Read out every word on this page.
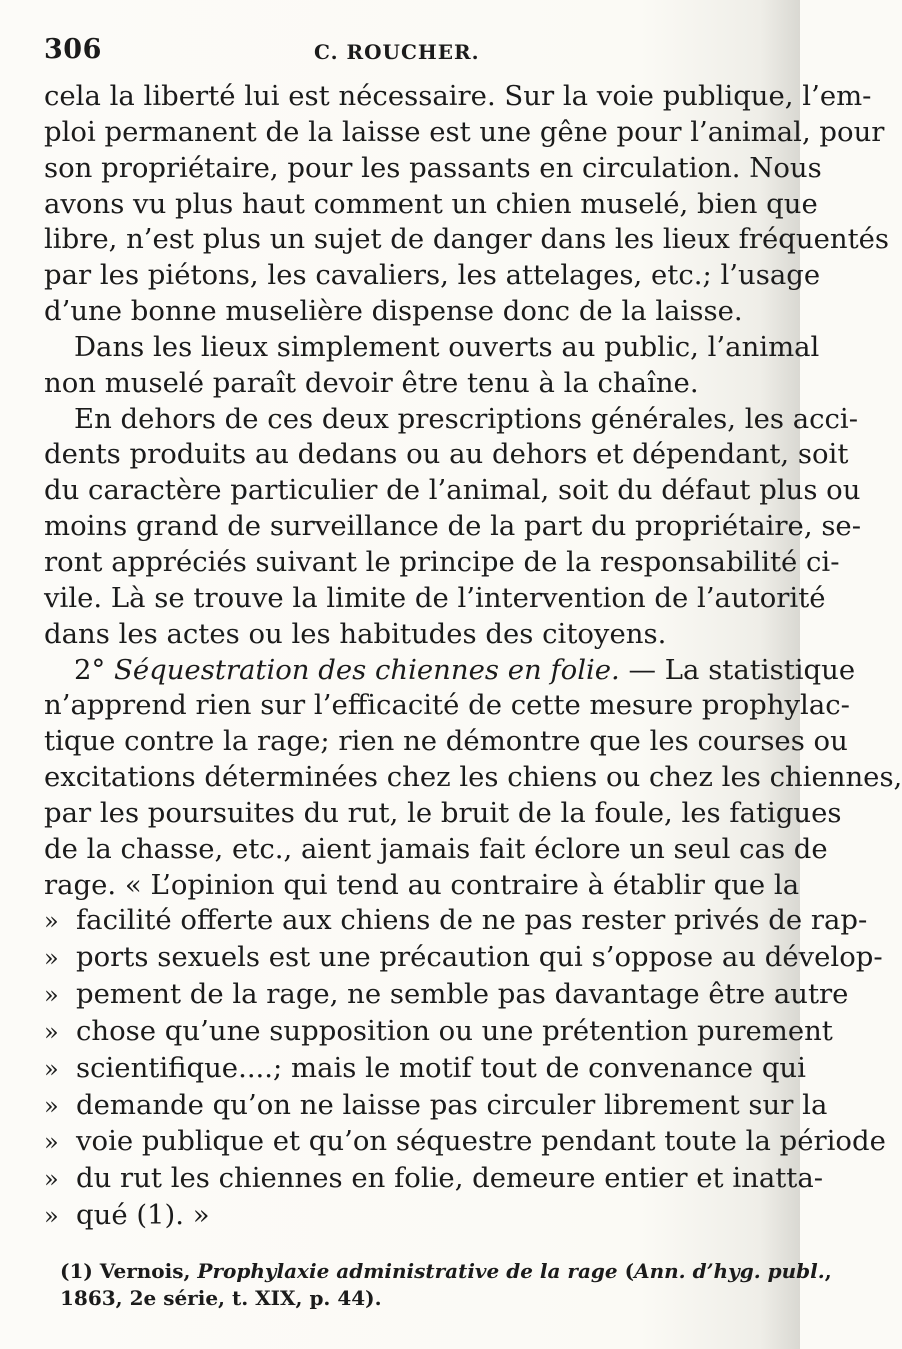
306	C. ROUCHER.
cela la liberté lui est nécessaire. Sur la voie publique, l’em-
ploi permanent de la laisse est une gêne pour l’animal, pour
son propriétaire, pour les passants en circulation. Nous
avons vu plus haut comment un chien muselé, bien que
libre, n’est plus un sujet de danger dans les lieux fréquentés
par les piétons, les cavaliers, les attelages, etc.; l’usage
d’une bonne muselière dispense donc de la laisse.
Dans les lieux simplement ouverts au public, l’animal
non muselé paraît devoir être tenu à la chaîne.
En dehors de ces deux prescriptions générales, les acci-
dents produits au dedans ou au dehors et dépendant, soit
du caractère particulier de l’animal, soit du défaut plus ou
moins grand de surveillance de la part du propriétaire, se-
ront appréciés suivant le principe de la responsabilité ci-
vile. Là se trouve la limite de l’intervention de l’autorité
dans les actes ou les habitudes des citoyens.
2° Séquestration des chiennes en folie. — La statistique
n’apprend rien sur l’efficacité de cette mesure prophylac-
tique contre la rage; rien ne démontre que les courses ou
excitations déterminées chez les chiens ou chez les chiennes,
par les poursuites du rut, le bruit de la foule, les fatigues
de la chasse, etc., aient jamais fait éclore un seul cas de
rage. « L’opinion qui tend au contraire à établir que la
» facilité offerte aux chiens de ne pas rester privés de rap-
» ports sexuels est une précaution qui s’oppose au dévelop-
» pement de la rage, ne semble pas davantage être autre
» chose qu’une supposition ou une prétention purement
» scientifique....; mais le motif tout de convenance qui
» demande qu’on ne laisse pas circuler librement sur la
» voie publique et qu’on séquestre pendant toute la période
» du rut les chiennes en folie, demeure entier et inatta-
» qué (1). »
(1) Vernois, Prophylaxie administrative de la rage (Ann. d’hyg. publ.,
1863, 2e série, t. XIX, p. 44).
